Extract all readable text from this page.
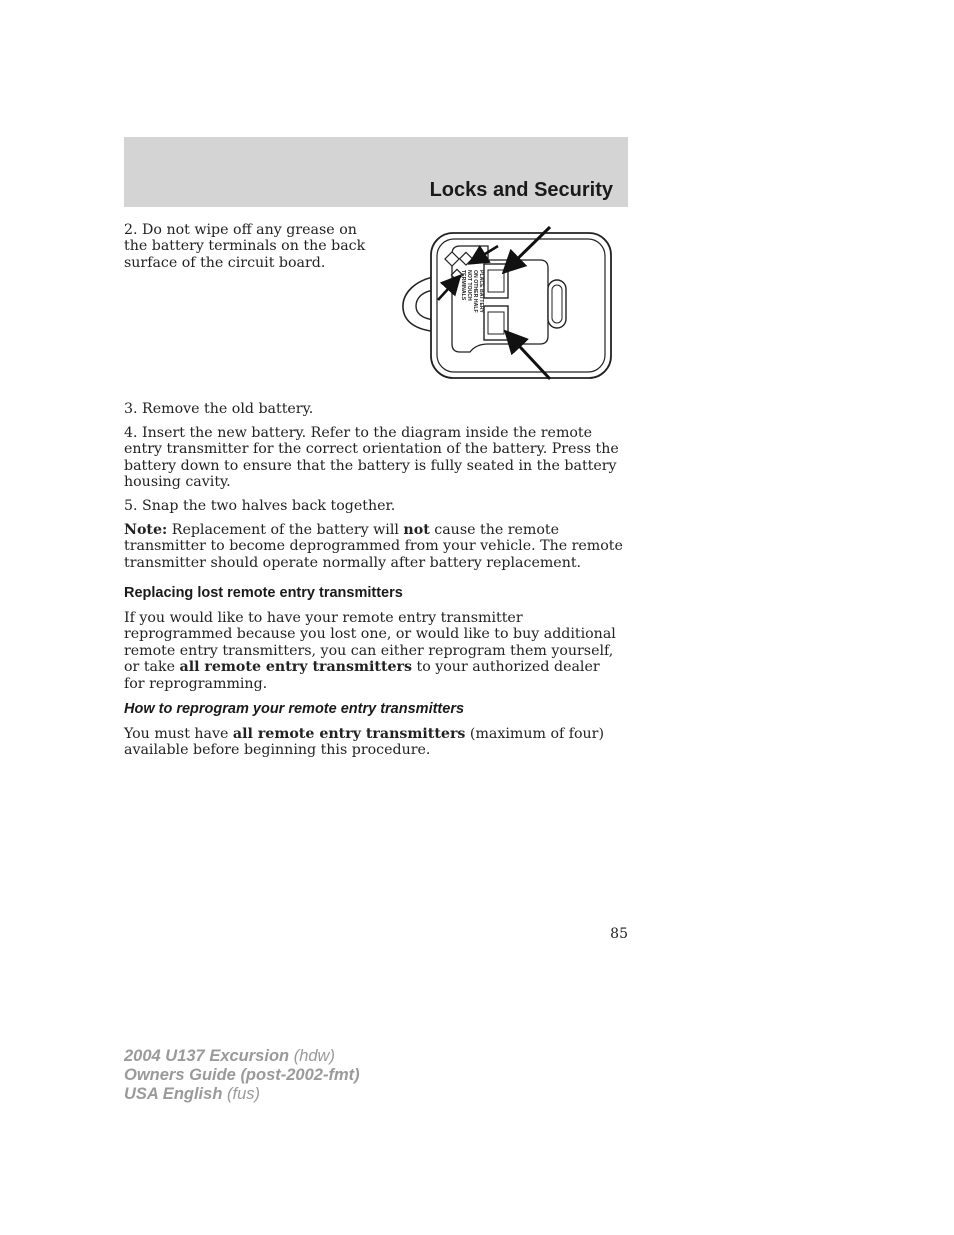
Locks and Security

2. Do not wipe off any grease on the battery terminals on the back surface of the circuit board.

PLACE BATTERY
ON OTHER HALF
NOT TOUCH
TERMINALS

3. Remove the old battery.

4. Insert the new battery. Refer to the diagram inside the remote entry transmitter for the correct orientation of the battery. Press the battery down to ensure that the battery is fully seated in the battery housing cavity.

5. Snap the two halves back together.

Note: Replacement of the battery will not cause the remote transmitter to become deprogrammed from your vehicle. The remote transmitter should operate normally after battery replacement.

Replacing lost remote entry transmitters

If you would like to have your remote entry transmitter reprogrammed because you lost one, or would like to buy additional remote entry transmitters, you can either reprogram them yourself, or take all remote entry transmitters to your authorized dealer for reprogramming.

How to reprogram your remote entry transmitters

You must have all remote entry transmitters (maximum of four) available before beginning this procedure.

85
2004 U137 Excursion (hdw)
Owners Guide (post-2002-fmt)
USA English (fus)
